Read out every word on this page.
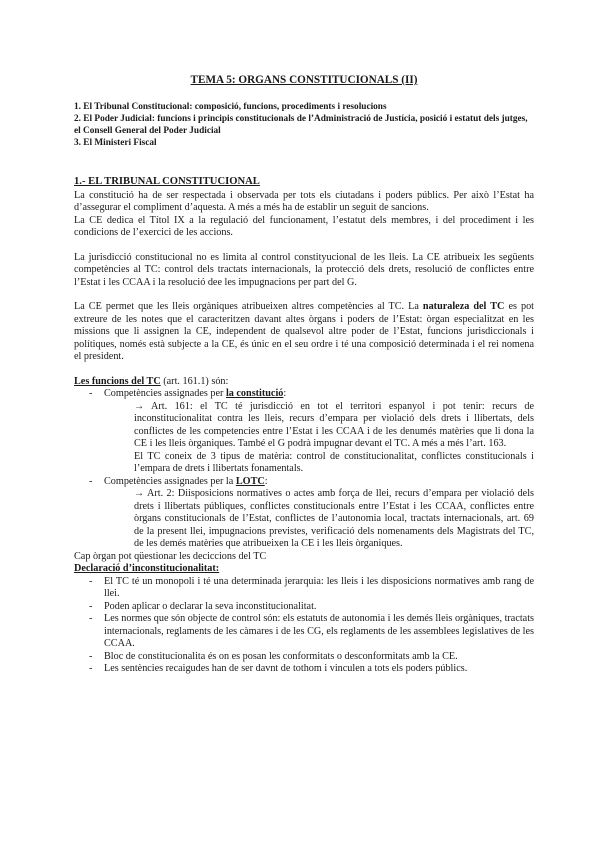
TEMA 5: ORGANS CONSTITUCIONALS (II)
1. El Tribunal Constitucional: composició, funcions, procediments i resolucions
2. El Poder Judicial: funcions i principis constitucionals de l’Administració de Justícia, posició i estatut dels jutges, el Consell General del Poder Judicial
3. El Ministeri Fiscal
1.- EL TRIBUNAL CONSTITUCIONAL

La constitució ha de ser respectada i observada per tots els ciutadans i poders públics. Per això l’Estat ha d’assegurar el compliment d’aquesta. A més a més ha de establir un seguit de sancions.

La CE dedica el Títol IX a la regulació del funcionament, l’estatut dels membres, i del procediment i les condicions de l’exercici de les accions.

La jurisdicció constitucional no es limita al control constityucional de les lleis. La CE atribueix les següents competències al TC: control dels tractats internacionals, la protecció dels drets, resolució de conflictes entre l’Estat i les CCAA i la resolució dee les impugnacions per part del G.

La CE permet que les lleis orgàniques atribueixen altres competències al TC. La naturaleza del TC es pot extreure de les notes que el caracteritzen davant altes òrgans i poders de l’Estat: òrgan especialitzat en les missions que li assignen la CE, independent de qualsevol altre poder de l’Estat, funcions jurisdiccionals i polítiques, només està subjecte a la CE, és únic en el seu ordre i té una composició determinada i el rei nomena el president.

Les funcions del TC (art. 161.1) són:

- Competències assignades per la constitució:

→ Art. 161: el TC té jurisdicció en tot el territori espanyol i pot tenir: recurs de inconstitucionalitat contra les lleis, recurs d’empara per violació dels drets i llibertats, dels conflictes de les competencies entre l’Estat i les CCAA i de les denumés matèries que li dona la CE i les lleis òrganiques. També el G podrà impugnar devant el TC. A més a més l’art. 163.

El TC coneix de 3 tipus de matèria: control de constitucionalitat, conflictes constitucionals i l’empara de drets i llibertats fonamentals.

- Competències assignades per la LOTC:

→ Art. 2: Diisposicions normatives o actes amb força de llei, recurs d’empara per violació dels drets i llibertats públiques, conflictes constitucionals entre l’Estat i les CCAA, conflictes entre òrgans constitucionals de l’Estat, conflictes de l’autonomia local, tractats internacionals, art. 69 de la present llei, impugnacions previstes, verificació dels nomenaments dels Magistrats del TC, de les demés matèries que atribueixen la CE i les lleis òrganiques.

Cap òrgan pot qüestionar les deciccions del TC

Declaració d’inconstitucionalitat:

- El TC té un monopoli i té una determinada jerarquia: les lleis i les disposicions normatives amb rang de llei.
- Poden aplicar o declarar la seva inconstitucionalitat.
- Les normes que són objecte de control són: els estatuts de autonomia i les demés lleis orgàniques, tractats internacionals, reglaments de les càmares i de les CG, els reglaments de les assemblees legislatives de les CCAA.
- Bloc de constitucionalita és on es posan les conformitats o desconformitats amb la CE.
- Les sentències recaigudes han de ser davnt de tothom i vinculen a tots els poders públics.
